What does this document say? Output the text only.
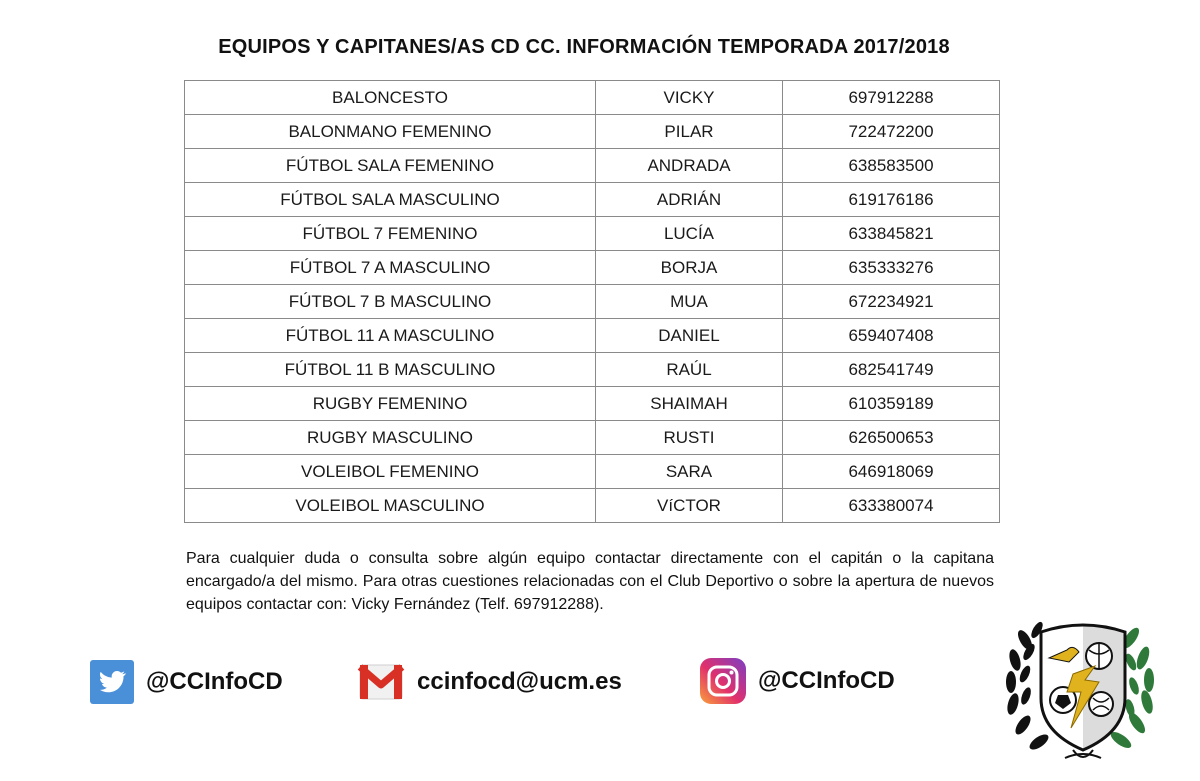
EQUIPOS Y CAPITANES/AS CD CC. INFORMACIÓN TEMPORADA 2017/2018
BALONCESTO	VICKY	697912288
BALONMANO FEMENINO	PILAR	722472200
FÚTBOL SALA FEMENINO	ANDRADA	638583500
FÚTBOL SALA MASCULINO	ADRIÁN	619176186
FÚTBOL 7 FEMENINO	LUCÍA	633845821
FÚTBOL 7 A MASCULINO	BORJA	635333276
FÚTBOL 7 B MASCULINO	MUA	672234921
FÚTBOL 11 A MASCULINO	DANIEL	659407408
FÚTBOL 11 B MASCULINO	RAÚL	682541749
RUGBY FEMENINO	SHAIMAH	610359189
RUGBY MASCULINO	RUSTI	626500653
VOLEIBOL FEMENINO	SARA	646918069
VOLEIBOL MASCULINO	VíCTOR	633380074
Para cualquier duda o consulta sobre algún equipo contactar directamente con el capitán o la capitana encargado/a del mismo. Para otras cuestiones relacionadas con el Club Deportivo o sobre la apertura de nuevos equipos contactar con: Vicky Fernández (Telf. 697912288).
@CCInfoCD	ccinfocd@ucm.es	@CCInfoCD
